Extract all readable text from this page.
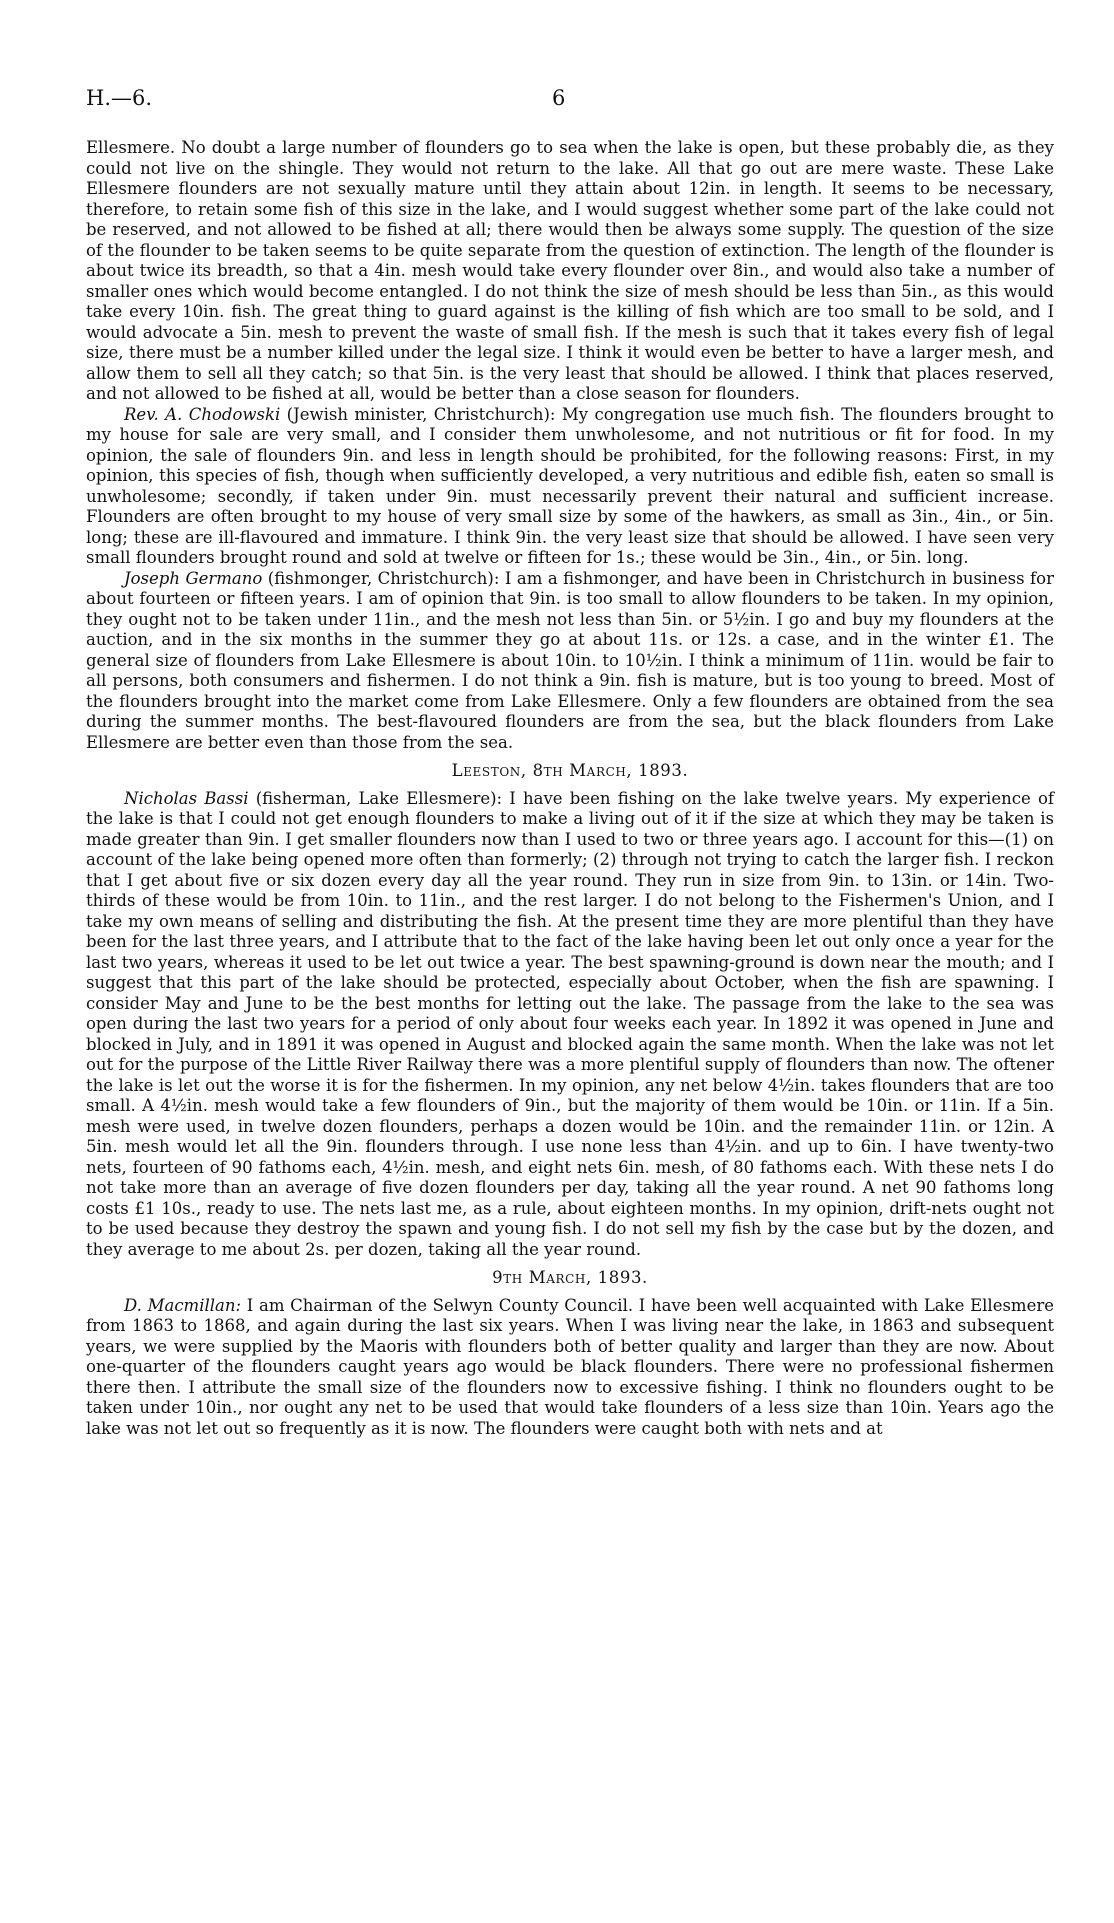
H.—6.	6

Ellesmere. No doubt a large number of flounders go to sea when the lake is open, but these probably die, as they could not live on the shingle. They would not return to the lake. All that go out are mere waste. These Lake Ellesmere flounders are not sexually mature until they attain about 12in. in length. It seems to be necessary, therefore, to retain some fish of this size in the lake, and I would suggest whether some part of the lake could not be reserved, and not allowed to be fished at all; there would then be always some supply. The question of the size of the flounder to be taken seems to be quite separate from the question of extinction. The length of the flounder is about twice its breadth, so that a 4in. mesh would take every flounder over 8in., and would also take a number of smaller ones which would become entangled. I do not think the size of mesh should be less than 5in., as this would take every 10in. fish. The great thing to guard against is the killing of fish which are too small to be sold, and I would advocate a 5in. mesh to prevent the waste of small fish. If the mesh is such that it takes every fish of legal size, there must be a number killed under the legal size. I think it would even be better to have a larger mesh, and allow them to sell all they catch; so that 5in. is the very least that should be allowed. I think that places reserved, and not allowed to be fished at all, would be better than a close season for flounders.

Rev. A. Chodowski (Jewish minister, Christchurch): My congregation use much fish. The flounders brought to my house for sale are very small, and I consider them unwholesome, and not nutritious or fit for food. In my opinion, the sale of flounders 9in. and less in length should be prohibited, for the following reasons: First, in my opinion, this species of fish, though when sufficiently developed, a very nutritious and edible fish, eaten so small is unwholesome; secondly, if taken under 9in. must necessarily prevent their natural and sufficient increase. Flounders are often brought to my house of very small size by some of the hawkers, as small as 3in., 4in., or 5in. long; these are ill-flavoured and immature. I think 9in. the very least size that should be allowed. I have seen very small flounders brought round and sold at twelve or fifteen for 1s.; these would be 3in., 4in., or 5in. long.

Joseph Germano (fishmonger, Christchurch): I am a fishmonger, and have been in Christchurch in business for about fourteen or fifteen years. I am of opinion that 9in. is too small to allow flounders to be taken. In my opinion, they ought not to be taken under 11in., and the mesh not less than 5in. or 5½in. I go and buy my flounders at the auction, and in the six months in the summer they go at about 11s. or 12s. a case, and in the winter £1. The general size of flounders from Lake Ellesmere is about 10in. to 10½in. I think a minimum of 11in. would be fair to all persons, both consumers and fishermen. I do not think a 9in. fish is mature, but is too young to breed. Most of the flounders brought into the market come from Lake Ellesmere. Only a few flounders are obtained from the sea during the summer months. The best-flavoured flounders are from the sea, but the black flounders from Lake Ellesmere are better even than those from the sea.

Leeston, 8th March, 1893.

Nicholas Bassi (fisherman, Lake Ellesmere): I have been fishing on the lake twelve years. My experience of the lake is that I could not get enough flounders to make a living out of it if the size at which they may be taken is made greater than 9in. I get smaller flounders now than I used to two or three years ago. I account for this—(1) on account of the lake being opened more often than formerly; (2) through not trying to catch the larger fish. I reckon that I get about five or six dozen every day all the year round. They run in size from 9in. to 13in. or 14in. Two-thirds of these would be from 10in. to 11in., and the rest larger. I do not belong to the Fishermen's Union, and I take my own means of selling and distributing the fish. At the present time they are more plentiful than they have been for the last three years, and I attribute that to the fact of the lake having been let out only once a year for the last two years, whereas it used to be let out twice a year. The best spawning-ground is down near the mouth; and I suggest that this part of the lake should be protected, especially about October, when the fish are spawning. I consider May and June to be the best months for letting out the lake. The passage from the lake to the sea was open during the last two years for a period of only about four weeks each year. In 1892 it was opened in June and blocked in July, and in 1891 it was opened in August and blocked again the same month. When the lake was not let out for the purpose of the Little River Railway there was a more plentiful supply of flounders than now. The oftener the lake is let out the worse it is for the fishermen. In my opinion, any net below 4½in. takes flounders that are too small. A 4½in. mesh would take a few flounders of 9in., but the majority of them would be 10in. or 11in. If a 5in. mesh were used, in twelve dozen flounders, perhaps a dozen would be 10in. and the remainder 11in. or 12in. A 5in. mesh would let all the 9in. flounders through. I use none less than 4½in. and up to 6in. I have twenty-two nets, fourteen of 90 fathoms each, 4½in. mesh, and eight nets 6in. mesh, of 80 fathoms each. With these nets I do not take more than an average of five dozen flounders per day, taking all the year round. A net 90 fathoms long costs £1 10s., ready to use. The nets last me, as a rule, about eighteen months. In my opinion, drift-nets ought not to be used because they destroy the spawn and young fish. I do not sell my fish by the case but by the dozen, and they average to me about 2s. per dozen, taking all the year round.

9th March, 1893.

D. Macmillan: I am Chairman of the Selwyn County Council. I have been well acquainted with Lake Ellesmere from 1863 to 1868, and again during the last six years. When I was living near the lake, in 1863 and subsequent years, we were supplied by the Maoris with flounders both of better quality and larger than they are now. About one-quarter of the flounders caught years ago would be black flounders. There were no professional fishermen there then. I attribute the small size of the flounders now to excessive fishing. I think no flounders ought to be taken under 10in., nor ought any net to be used that would take flounders of a less size than 10in. Years ago the lake was not let out so frequently as it is now. The flounders were caught both with nets and at
